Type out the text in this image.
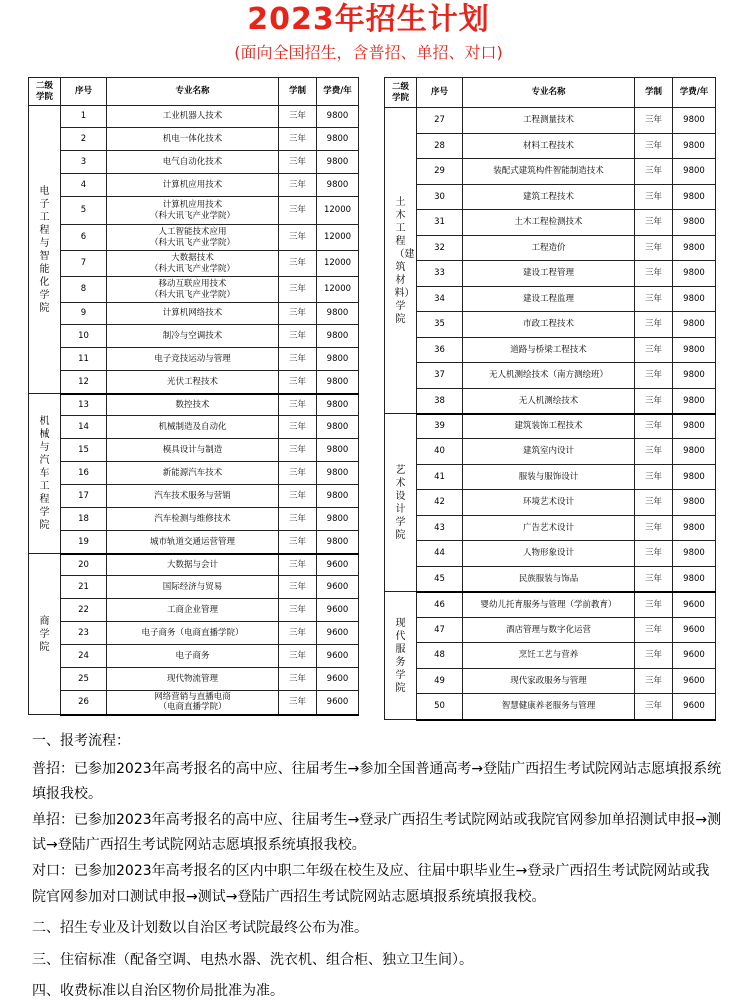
2023年招生计划
(面向全国招生，含普招、单招、对口)
二级
学院	序号	专业名称	学制	学费/年
电子工程与智能化学院	1	工业机器人技术	三年	9800
	2	机电一体化技术	三年	9800
	3	电气自动化技术	三年	9800
	4	计算机应用技术	三年	9800
	5	计算机应用技术
（科大讯飞产业学院）	三年	12000
	6	人工智能技术应用
（科大讯飞产业学院）	三年	12000
	7	大数据技术
（科大讯飞产业学院）	三年	12000
	8	移动互联应用技术
（科大讯飞产业学院）	三年	12000
	9	计算机网络技术	三年	9800
	10	制冷与空调技术	三年	9800
	11	电子竞技运动与管理	三年	9800
	12	光伏工程技术	三年	9800
机械与汽车工程学院	13	数控技术	三年	9800
	14	机械制造及自动化	三年	9800
	15	模具设计与制造	三年	9800
	16	新能源汽车技术	三年	9800
	17	汽车技术服务与营销	三年	9800
	18	汽车检测与维修技术	三年	9800
	19	城市轨道交通运营管理	三年	9800
商学院	20	大数据与会计	三年	9600
	21	国际经济与贸易	三年	9600
	22	工商企业管理	三年	9600
	23	电子商务（电商直播学院）	三年	9600
	24	电子商务	三年	9600
	25	现代物流管理	三年	9600
	26	网络营销与直播电商
（电商直播学院）	三年	9600
二级
学院	序号	专业名称	学制	学费/年
土木工程（建筑材料）学院	27	工程测量技术	三年	9800
	28	材料工程技术	三年	9800
	29	装配式建筑构件智能制造技术	三年	9800
	30	建筑工程技术	三年	9800
	31	土木工程检测技术	三年	9800
	32	工程造价	三年	9800
	33	建设工程管理	三年	9800
	34	建设工程监理	三年	9800
	35	市政工程技术	三年	9800
	36	道路与桥梁工程技术	三年	9800
	37	无人机测绘技术（南方测绘班）	三年	9800
	38	无人机测绘技术	三年	9800
艺术设计学院	39	建筑装饰工程技术	三年	9800
	40	建筑室内设计	三年	9800
	41	服装与服饰设计	三年	9800
	42	环境艺术设计	三年	9800
	43	广告艺术设计	三年	9800
	44	人物形象设计	三年	9800
	45	民族服装与饰品	三年	9800
现代服务学院	46	婴幼儿托育服务与管理（学前教育）	三年	9600
	47	酒店管理与数字化运营	三年	9600
	48	烹饪工艺与营养	三年	9600
	49	现代家政服务与管理	三年	9600
	50	智慧健康养老服务与管理	三年	9600

一、报考流程：

普招：已参加2023年高考报名的高中应、往届考生→参加全国普通高考→登陆广西招生考试院网站志愿填报系统填报我校。

单招：已参加2023年高考报名的高中应、往届考生→登录广西招生考试院网站或我院官网参加单招测试申报→测试→登陆广西招生考试院网站志愿填报系统填报我校。

对口：已参加2023年高考报名的区内中职二年级在校生及应、往届中职毕业生→登录广西招生考试院网站或我院官网参加对口测试申报→测试→登陆广西招生考试院网站志愿填报系统填报我校。

二、招生专业及计划数以自治区考试院最终公布为准。

三、住宿标准（配备空调、电热水器、洗衣机、组合柜、独立卫生间）。

四、收费标准以自治区物价局批准为准。
